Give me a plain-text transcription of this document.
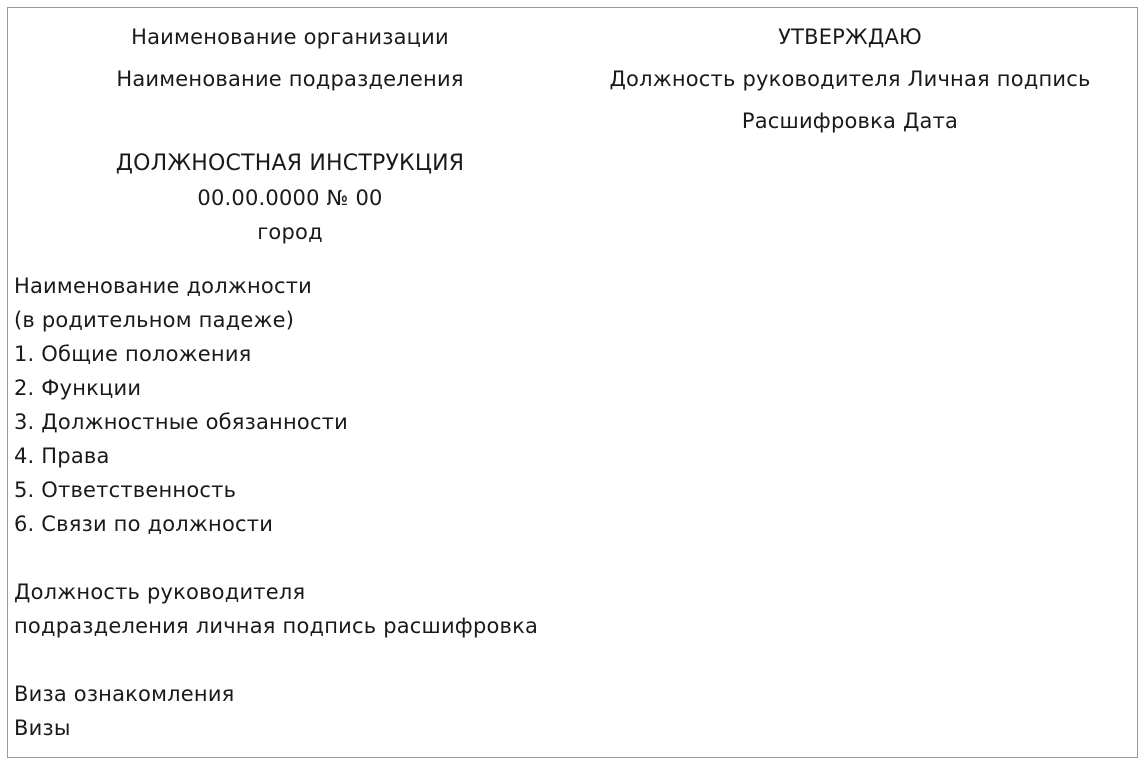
Наименование организации
Наименование подразделения
УТВЕРЖДАЮ
Должность руководителя Личная подпись
Расшифровка Дата
ДОЛЖНОСТНАЯ ИНСТРУКЦИЯ
00.00.0000 № 00
город
Наименование должности
(в родительном падеже)
1. Общие положения
2. Функции
3. Должностные обязанности
4. Права
5. Ответственность
6. Связи по должности
Должность руководителя
подразделения личная подпись расшифровка
Виза ознакомления
Визы
